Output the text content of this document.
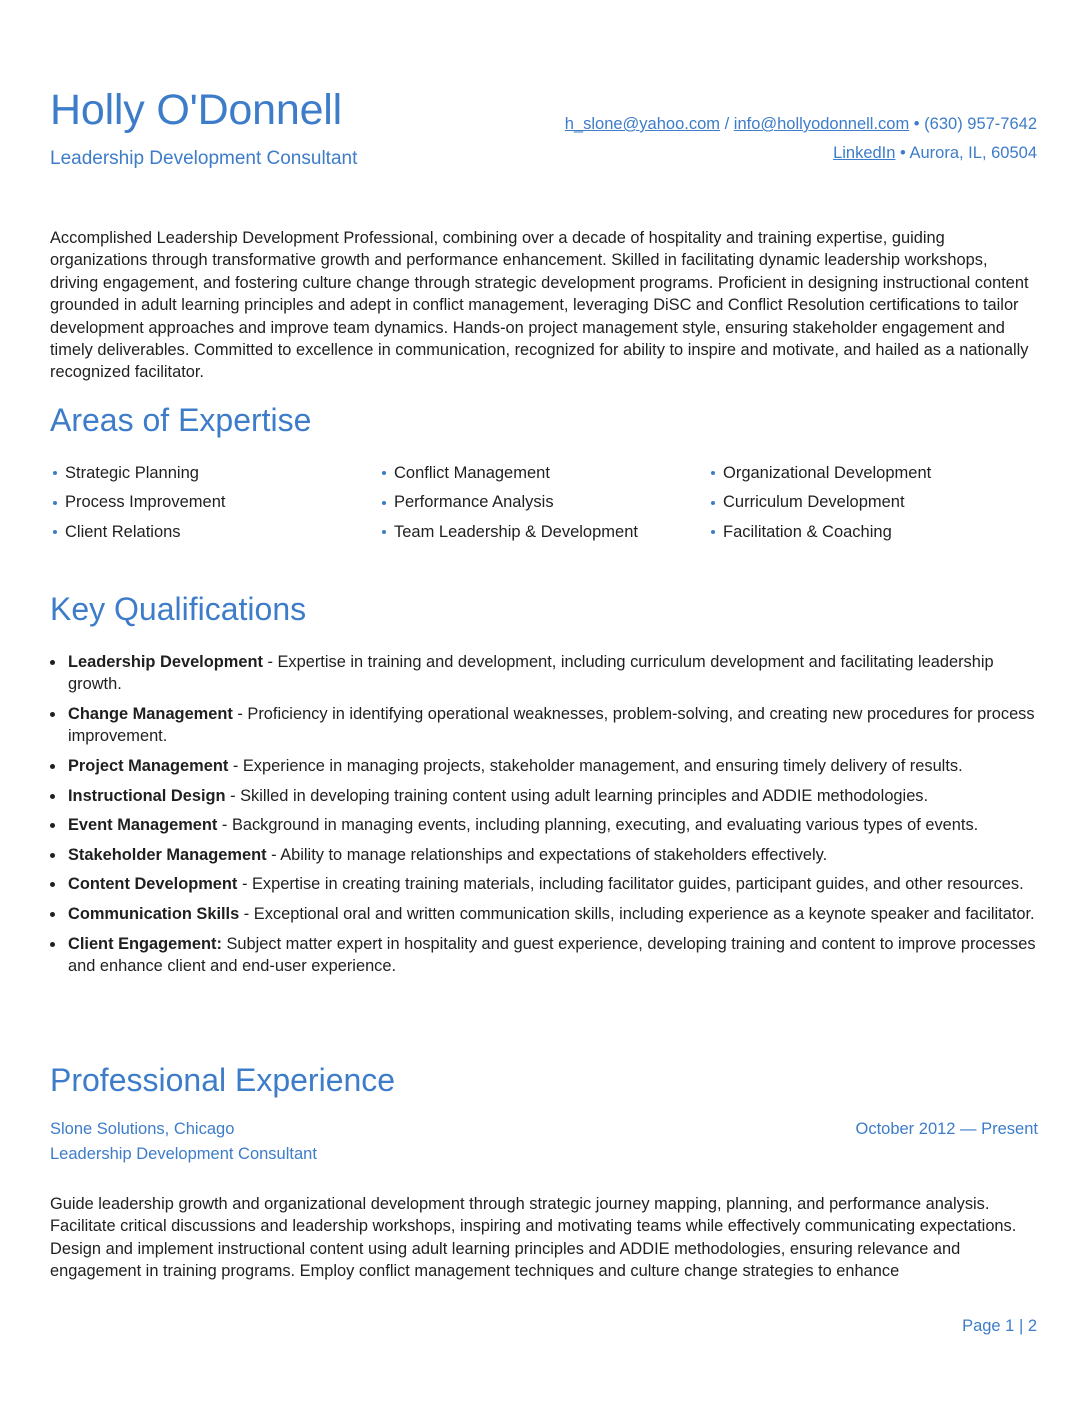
Holly O'Donnell
Leadership Development Consultant
h_slone@yahoo.com / info@hollyodonnell.com • (630) 957-7642
LinkedIn • Aurora, IL, 60504
Accomplished Leadership Development Professional, combining over a decade of hospitality and training expertise, guiding organizations through transformative growth and performance enhancement. Skilled in facilitating dynamic leadership workshops, driving engagement, and fostering culture change through strategic development programs. Proficient in designing instructional content grounded in adult learning principles and adept in conflict management, leveraging DiSC and Conflict Resolution certifications to tailor development approaches and improve team dynamics. Hands-on project management style, ensuring stakeholder engagement and timely deliverables. Committed to excellence in communication, recognized for ability to inspire and motivate, and hailed as a nationally recognized facilitator.
Areas of Expertise
Strategic Planning	Conflict Management	Organizational Development
Process Improvement	Performance Analysis	Curriculum Development
Client Relations	Team Leadership & Development	Facilitation & Coaching
Key Qualifications
Leadership Development - Expertise in training and development, including curriculum development and facilitating leadership growth.
Change Management - Proficiency in identifying operational weaknesses, problem-solving, and creating new procedures for process improvement.
Project Management - Experience in managing projects, stakeholder management, and ensuring timely delivery of results.
Instructional Design - Skilled in developing training content using adult learning principles and ADDIE methodologies.
Event Management - Background in managing events, including planning, executing, and evaluating various types of events.
Stakeholder Management - Ability to manage relationships and expectations of stakeholders effectively.
Content Development - Expertise in creating training materials, including facilitator guides, participant guides, and other resources.
Communication Skills - Exceptional oral and written communication skills, including experience as a keynote speaker and facilitator.
Client Engagement: Subject matter expert in hospitality and guest experience, developing training and content to improve processes and enhance client and end-user experience.
Professional Experience
Slone Solutions, Chicago	October 2012 — Present
Leadership Development Consultant
Guide leadership growth and organizational development through strategic journey mapping, planning, and performance analysis. Facilitate critical discussions and leadership workshops, inspiring and motivating teams while effectively communicating expectations. Design and implement instructional content using adult learning principles and ADDIE methodologies, ensuring relevance and engagement in training programs. Employ conflict management techniques and culture change strategies to enhance
Page 1 | 2
